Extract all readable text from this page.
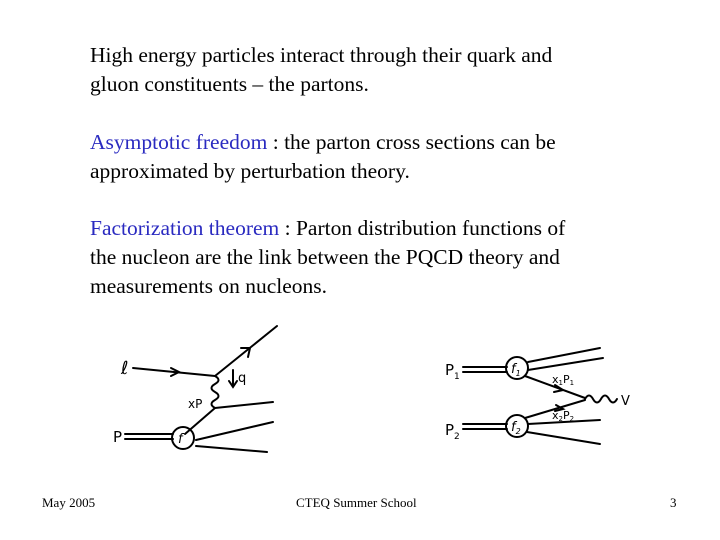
High energy particles interact through their quark and
gluon constituents – the partons.

Asymptotic freedom : the parton cross sections can be
approximated by perturbation theory.

Factorization theorem : Parton distribution functions of
the nucleon are the link between the PQCD theory and
measurements on nucleons.

ℓ	q
xP
P	f
$P_1$
$P_2$
$f_1$
$f_2$
x1P1
x2P2
V
May 2005	CTEQ Summer School	3
